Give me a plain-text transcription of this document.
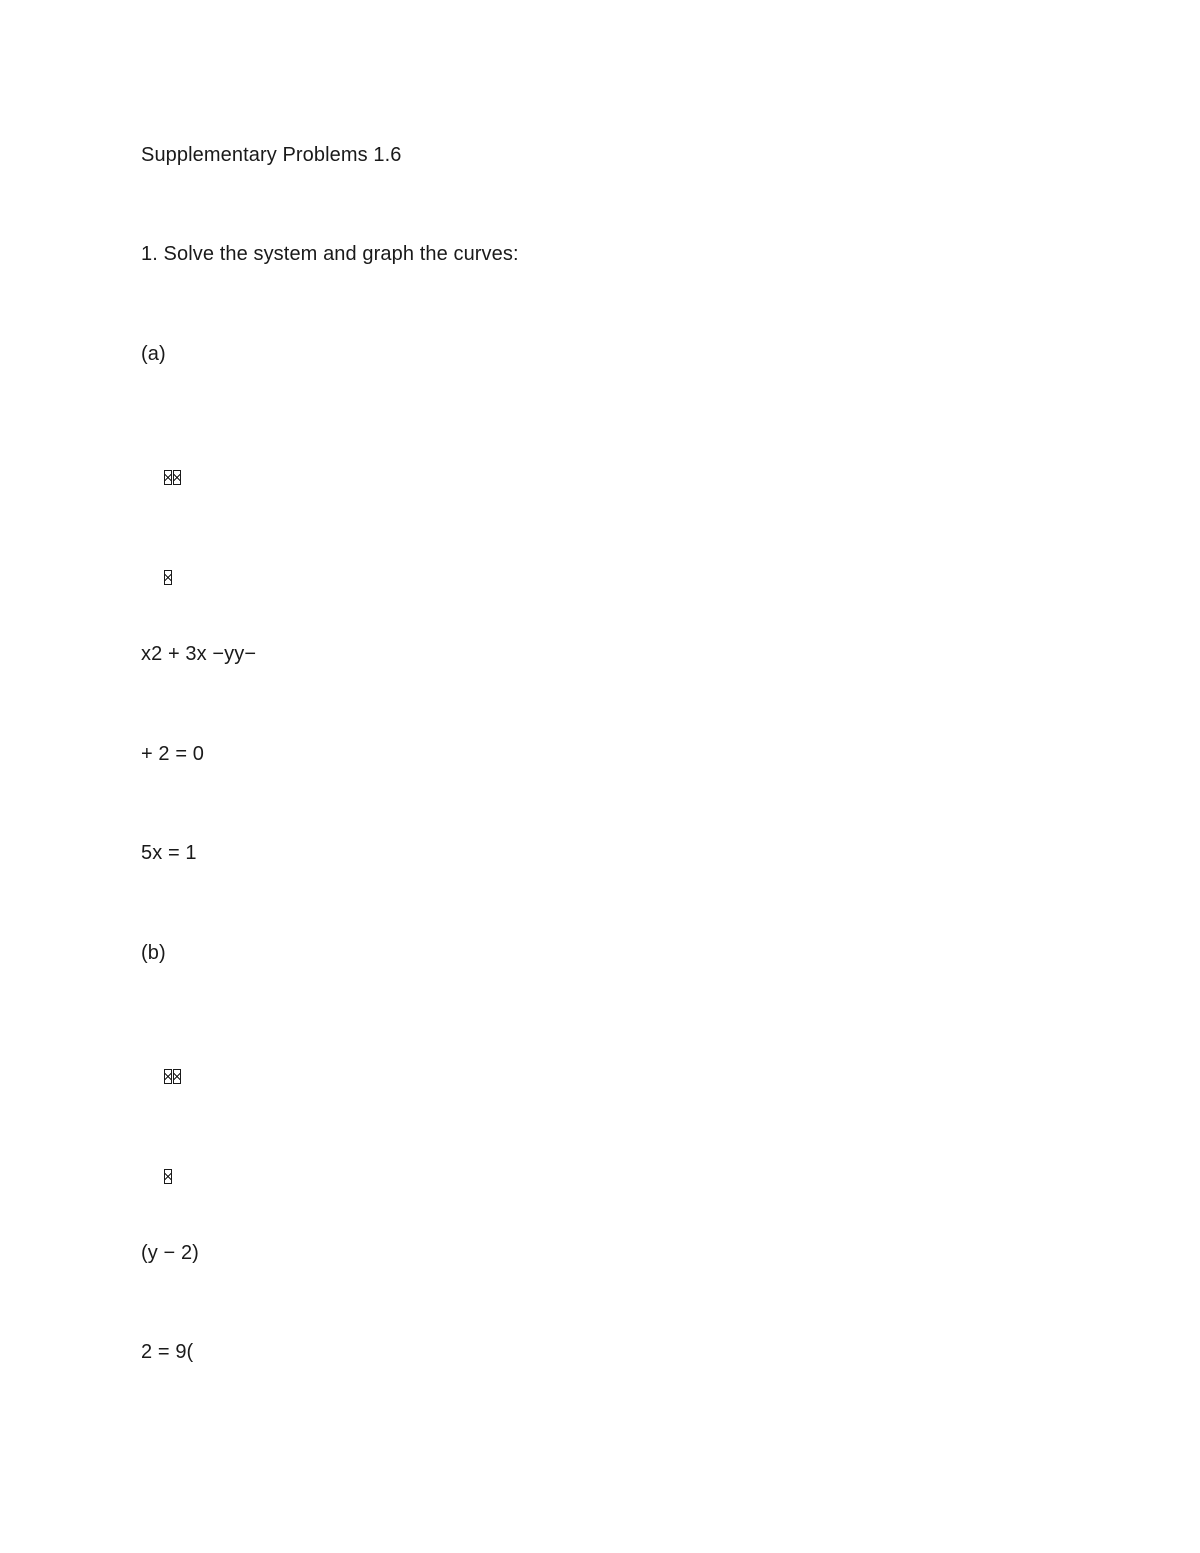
Supplementary Problems 1.6
1. Solve the system and graph the curves:
(a)

x2 + 3x −yy−
+ 2 = 0
5x = 1
(b)

(y − 2)
2 = 9(
